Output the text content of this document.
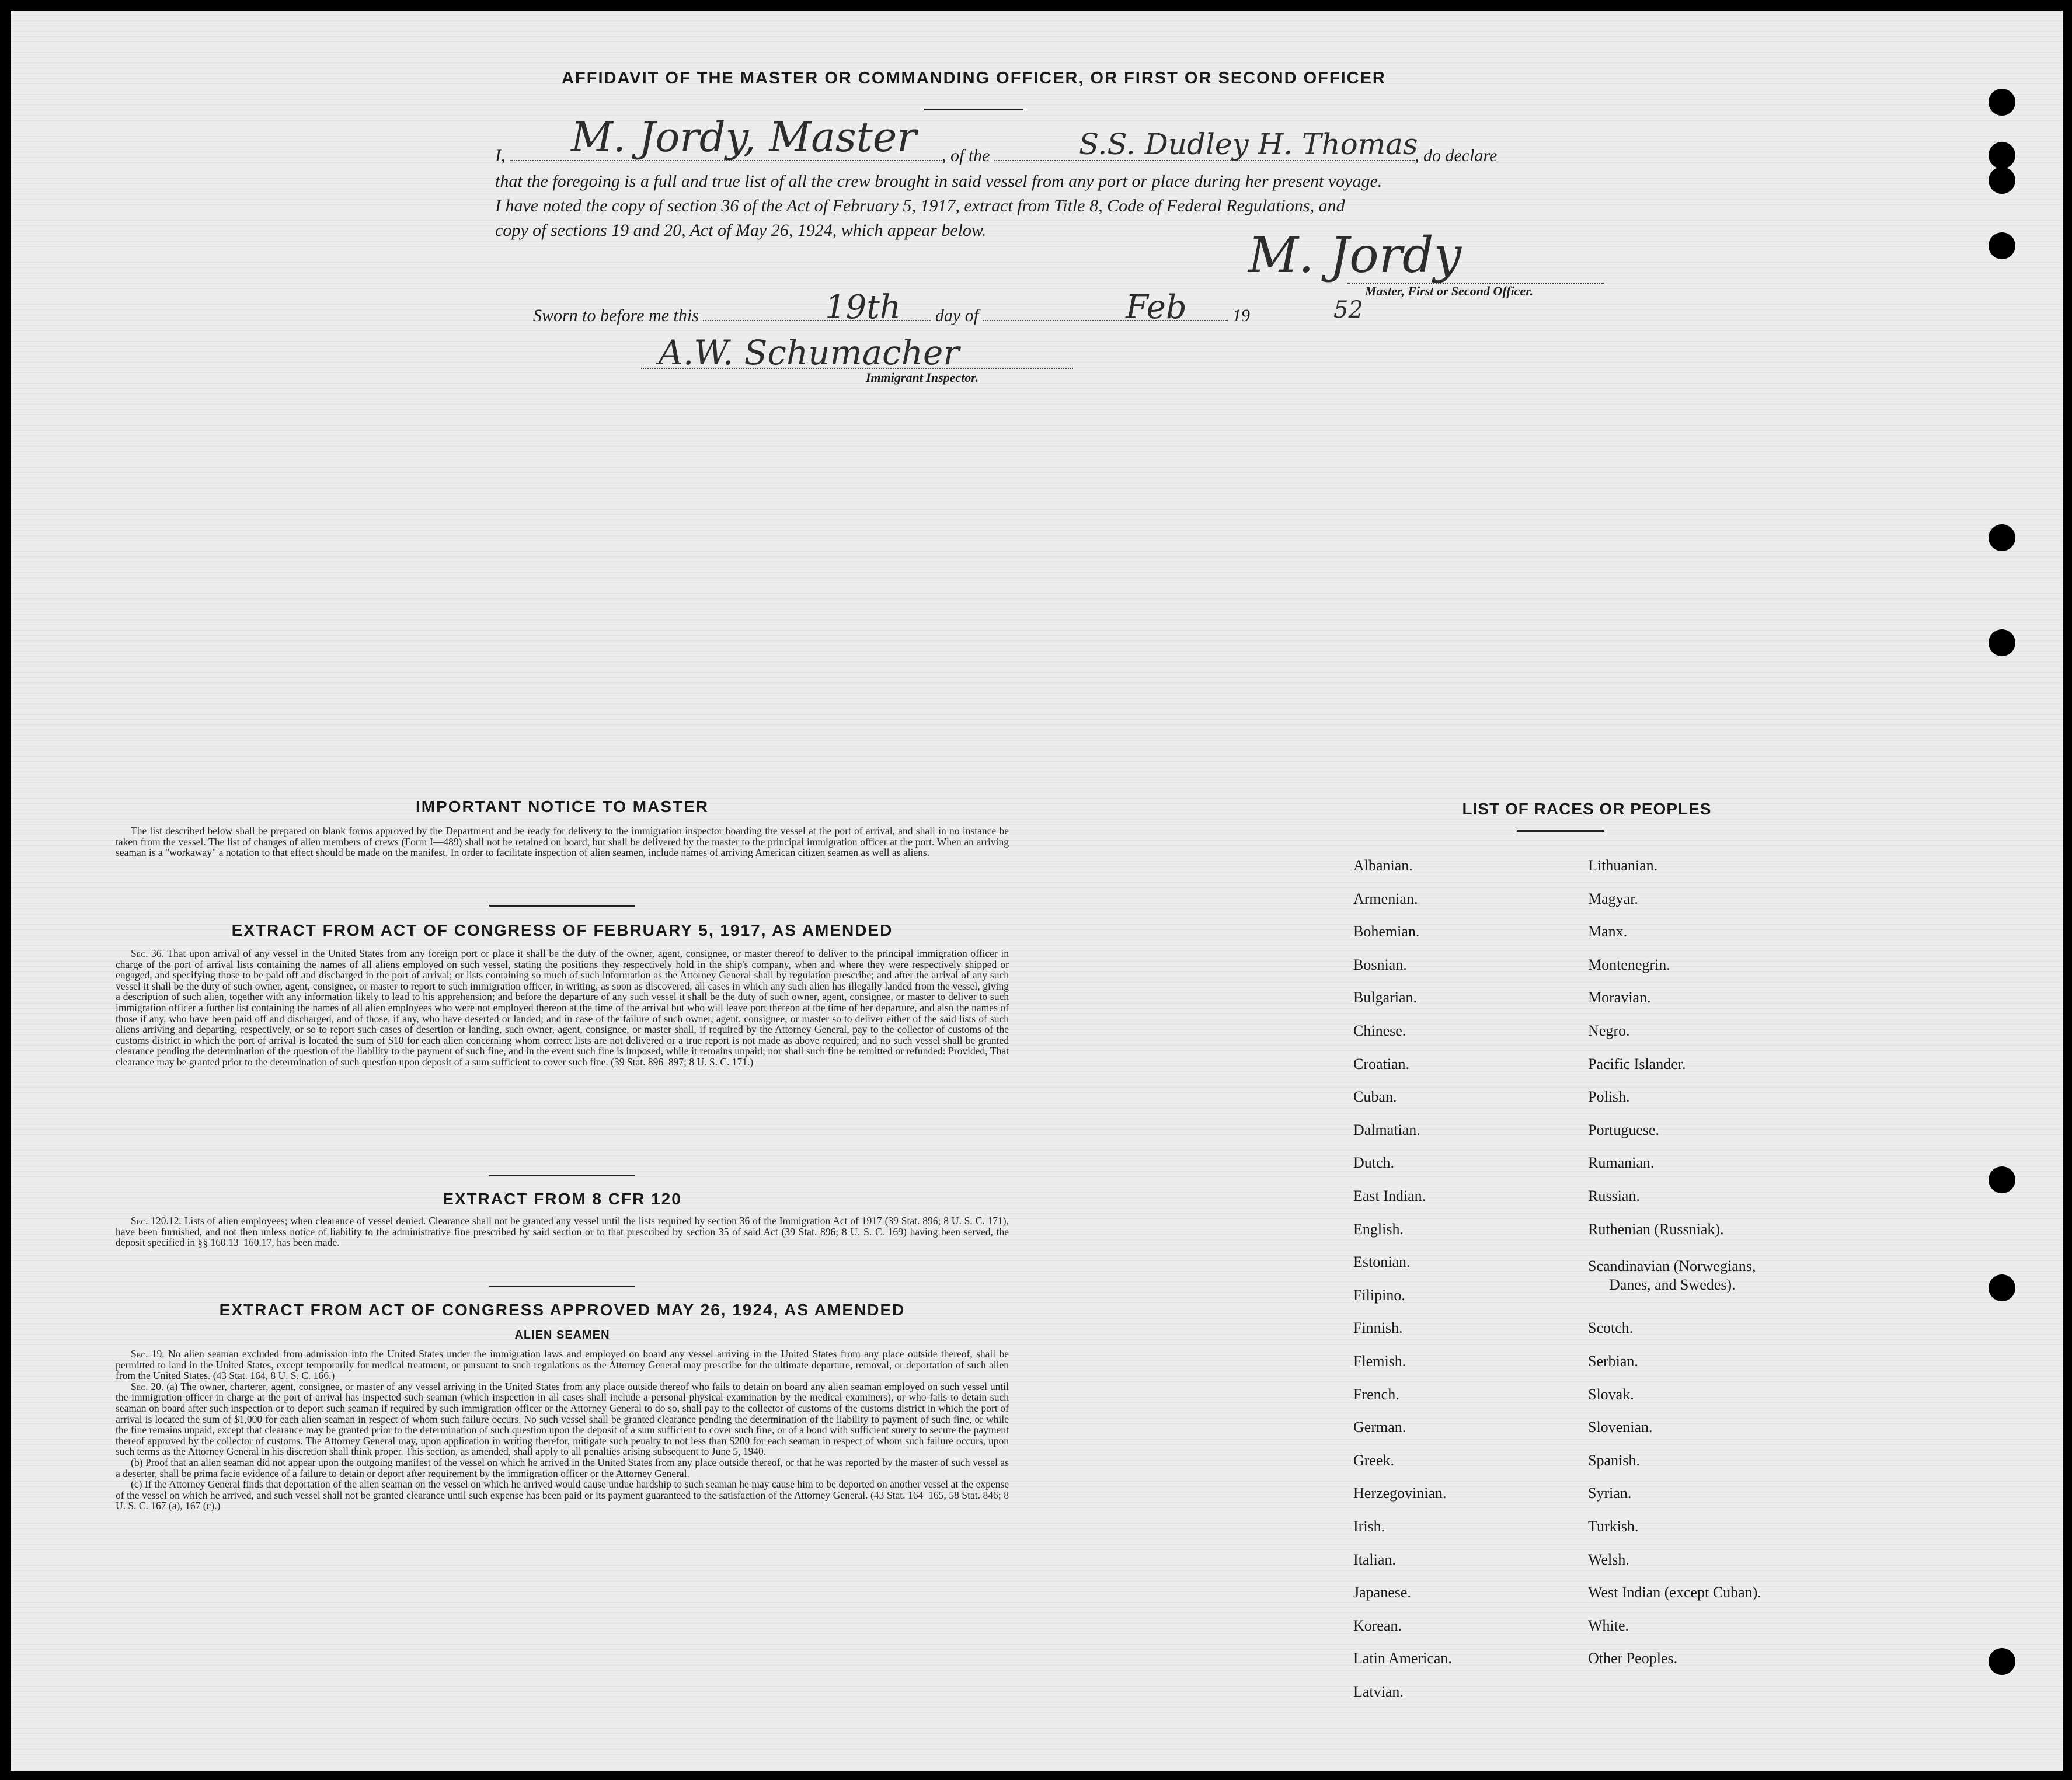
AFFIDAVIT OF THE MASTER OR COMMANDING OFFICER, OR FIRST OR SECOND OFFICER
I,	, of the	, do declare
M. Jordy, Master	S.S. Dudley H. Thomas
that the foregoing is a full and true list of all the crew brought in said vessel from any port or place during her present voyage.
I have noted the copy of section 36 of the Act of February 5, 1917, extract from Title 8, Code of Federal Regulations, and
copy of sections 19 and 20, Act of May 26, 1924, which appear below.	M. Jordy
Master, First or Second Officer.
Sworn to before me this	day of	19
19th	Feb	52
A.W. Schumacher
Immigrant Inspector.
IMPORTANT NOTICE TO MASTER

The list described below shall be prepared on blank forms approved by the Department and be ready for delivery to the immigration inspector boarding the vessel at the port of arrival, and shall in no instance be taken from the vessel. The list of changes of alien members of crews (Form I—489) shall not be retained on board, but shall be delivered by the master to the principal immigration officer at the port. When an arriving seaman is a "workaway" a notation to that effect should be made on the manifest. In order to facilitate inspection of alien seamen, include names of arriving American citizen seamen as well as aliens.

EXTRACT FROM ACT OF CONGRESS OF FEBRUARY 5, 1917, AS AMENDED

Sec. 36. That upon arrival of any vessel in the United States from any foreign port or place it shall be the duty of the owner, agent, consignee, or master thereof to deliver to the principal immigration officer in charge of the port of arrival lists containing the names of all aliens employed on such vessel, stating the positions they respectively hold in the ship's company, when and where they were respectively shipped or engaged, and specifying those to be paid off and discharged in the port of arrival; or lists containing so much of such information as the Attorney General shall by regulation prescribe; and after the arrival of any such vessel it shall be the duty of such owner, agent, consignee, or master to report to such immigration officer, in writing, as soon as discovered, all cases in which any such alien has illegally landed from the vessel, giving a description of such alien, together with any information likely to lead to his apprehension; and before the departure of any such vessel it shall be the duty of such owner, agent, consignee, or master to deliver to such immigration officer a further list containing the names of all alien employees who were not employed thereon at the time of the arrival but who will leave port thereon at the time of her departure, and also the names of those if any, who have been paid off and discharged, and of those, if any, who have deserted or landed; and in case of the failure of such owner, agent, consignee, or master so to deliver either of the said lists of such aliens arriving and departing, respectively, or so to report such cases of desertion or landing, such owner, agent, consignee, or master shall, if required by the Attorney General, pay to the collector of customs of the customs district in which the port of arrival is located the sum of $10 for each alien concerning whom correct lists are not delivered or a true report is not made as above required; and no such vessel shall be granted clearance pending the determination of the question of the liability to the payment of such fine, and in the event such fine is imposed, while it remains unpaid; nor shall such fine be remitted or refunded: Provided, That clearance may be granted prior to the determination of such question upon deposit of a sum sufficient to cover such fine. (39 Stat. 896–897; 8 U. S. C. 171.)

EXTRACT FROM 8 CFR 120

Sec. 120.12. Lists of alien employees; when clearance of vessel denied. Clearance shall not be granted any vessel until the lists required by section 36 of the Immigration Act of 1917 (39 Stat. 896; 8 U. S. C. 171), have been furnished, and not then unless notice of liability to the administrative fine prescribed by said section or to that prescribed by section 35 of said Act (39 Stat. 896; 8 U. S. C. 169) having been served, the deposit specified in §§ 160.13–160.17, has been made.

EXTRACT FROM ACT OF CONGRESS APPROVED MAY 26, 1924, AS AMENDED
ALIEN SEAMEN

Sec. 19. No alien seaman excluded from admission into the United States under the immigration laws and employed on board any vessel arriving in the United States from any place outside thereof, shall be permitted to land in the United States, except temporarily for medical treatment, or pursuant to such regulations as the Attorney General may prescribe for the ultimate departure, removal, or deportation of such alien from the United States. (43 Stat. 164, 8 U. S. C. 166.)

Sec. 20. (a) The owner, charterer, agent, consignee, or master of any vessel arriving in the United States from any place outside thereof who fails to detain on board any alien seaman employed on such vessel until the immigration officer in charge at the port of arrival has inspected such seaman (which inspection in all cases shall include a personal physical examination by the medical examiners), or who fails to detain such seaman on board after such inspection or to deport such seaman if required by such immigration officer or the Attorney General to do so, shall pay to the collector of customs of the customs district in which the port of arrival is located the sum of $1,000 for each alien seaman in respect of whom such failure occurs. No such vessel shall be granted clearance pending the determination of the liability to payment of such fine, or while the fine remains unpaid, except that clearance may be granted prior to the determination of such question upon the deposit of a sum sufficient to cover such fine, or of a bond with sufficient surety to secure the payment thereof approved by the collector of customs. The Attorney General may, upon application in writing therefor, mitigate such penalty to not less than $200 for each seaman in respect of whom such failure occurs, upon such terms as the Attorney General in his discretion shall think proper. This section, as amended, shall apply to all penalties arising subsequent to June 5, 1940.

(b) Proof that an alien seaman did not appear upon the outgoing manifest of the vessel on which he arrived in the United States from any place outside thereof, or that he was reported by the master of such vessel as a deserter, shall be prima facie evidence of a failure to detain or deport after requirement by the immigration officer or the Attorney General.

(c) If the Attorney General finds that deportation of the alien seaman on the vessel on which he arrived would cause undue hardship to such seaman he may cause him to be deported on another vessel at the expense of the vessel on which he arrived, and such vessel shall not be granted clearance until such expense has been paid or its payment guaranteed to the satisfaction of the Attorney General. (43 Stat. 164–165, 58 Stat. 846; 8 U. S. C. 167 (a), 167 (c).)

LIST OF RACES OR PEOPLES
Albanian.
Armenian.
Bohemian.
Bosnian.
Bulgarian.
Chinese.
Croatian.
Cuban.
Dalmatian.
Dutch.
East Indian.
English.
Estonian.
Filipino.
Finnish.
Flemish.
French.
German.
Greek.
Herzegovinian.
Irish.
Italian.
Japanese.
Korean.
Latin American.
Latvian.
Lithuanian.
Magyar.
Manx.
Montenegrin.
Moravian.
Negro.
Pacific Islander.
Polish.
Portuguese.
Rumanian.
Russian.
Ruthenian (Russniak).
Scandinavian (Norwegians,
Danes, and Swedes).
Scotch.
Serbian.
Slovak.
Slovenian.
Spanish.
Syrian.
Turkish.
Welsh.
West Indian (except Cuban).
White.
Other Peoples.
